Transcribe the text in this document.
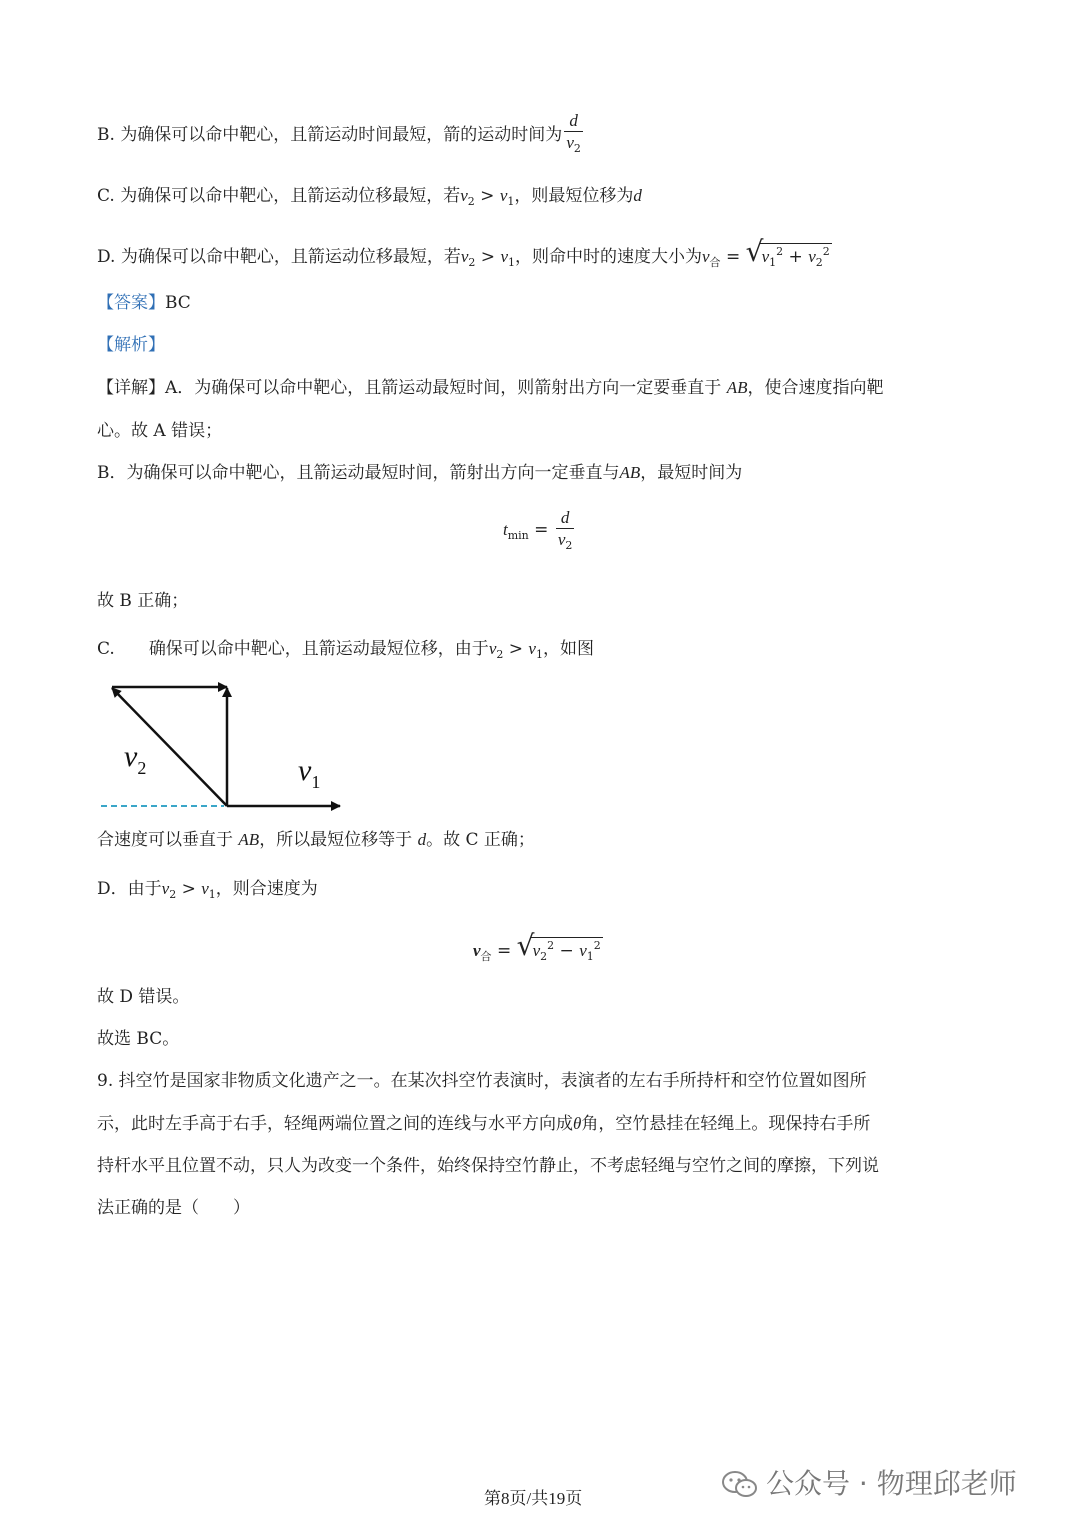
B. 为确保可以命中靶心，且箭运动时间最短，箭的运动时间为 $\frac{d}{v_2}$
C. 为确保可以命中靶心，且箭运动位移最短，若$v_2 > v_1$，则最短位移为d
D. 为确保可以命中靶心，且箭运动位移最短，若$v_2 > v_1$，则命中时的速度大小为$v_合$ = √
$v_1^2 + v_2^2$
【答案】BC
【解析】
【详解】A．为确保可以命中靶心，且箭运动最短时间，则箭射出方向一定要垂直于 AB，使合速度指向靶
心。故 A 错误；
B．为确保可以命中靶心，且箭运动最短时间，箭射出方向一定垂直与AB，最短时间为
$t_{min} = \frac{d}{v_2}$
故 B 正确；
C. 确保可以命中靶心，且箭运动最短位移，由于$v_2 > v_1$，如图
$v_2$	$v_1$
合速度可以垂直于 AB，所以最短位移等于 d。故 C 正确；
D．由于$v_2 > v_1$，则合速度为
$v_合$ = √
$v_2^2 - v_1^2$
故 D 错误。
故选 BC。
9. 抖空竹是国家非物质文化遗产之一。在某次抖空竹表演时，表演者的左右手所持杆和空竹位置如图所
示，此时左手高于右手，轻绳两端位置之间的连线与水平方向成θ角，空竹悬挂在轻绳上。现保持右手所
持杆水平且位置不动，只人为改变一个条件，始终保持空竹静止，不考虑轻绳与空竹之间的摩擦，下列说
法正确的是（　　）
第8页/共19页	公众号 · 物理邱老师
